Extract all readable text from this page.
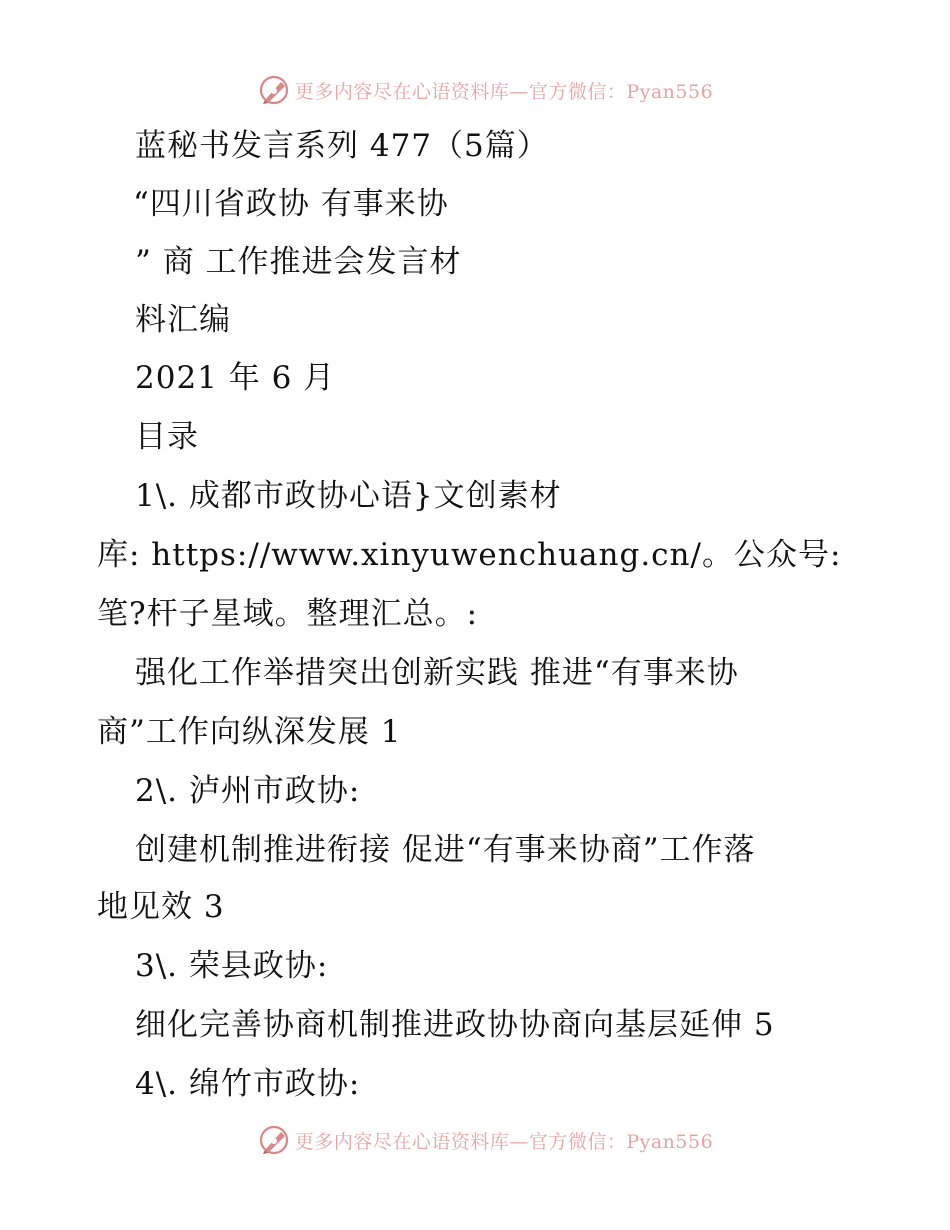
更多内容尽在心语资料库—官方微信：Pyan556
蓝秘书发言系列 477（5篇）
“四川省政协 有事来协
” 商 工作推进会发言材
料汇编
2021 年 6 月
目录
1\. 成都市政协心语}文创素材
库: https://www.xinyuwenchuang.cn/。公众号:
笔?杆子星域。整理汇总。:
强化工作举措突出创新实践 推进“有事来协
商”工作向纵深发展 1
2\. 泸州市政协:
创建机制推进衔接 促进“有事来协商”工作落
地见效 3
3\. 荣县政协:
细化完善协商机制推进政协协商向基层延伸 5
4\. 绵竹市政协:
更多内容尽在心语资料库—官方微信：Pyan556
